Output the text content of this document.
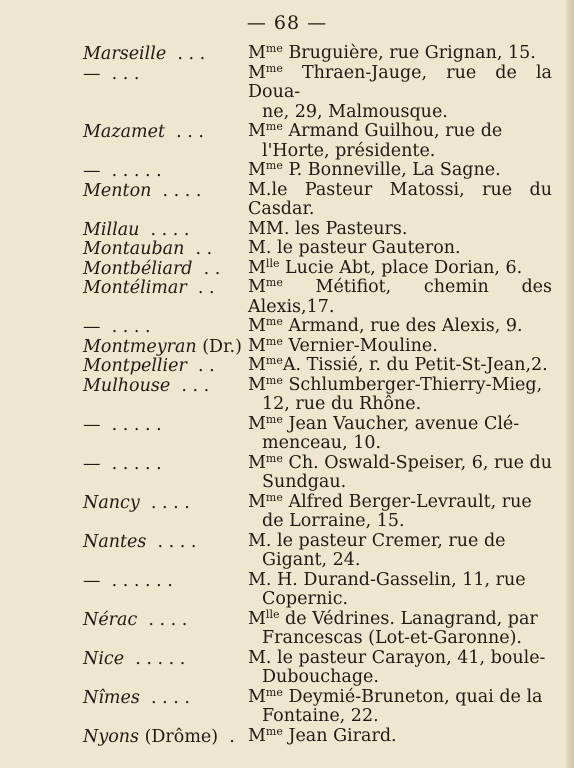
— 68 —
Marseille  . . .	$M^{me}$ Bruguière, rue Grignan, 15.
—  . . .	$M^{me}$ Thraen-Jauge, rue de la Doua-
ne, 29, Malmousque.
Mazamet  . . .	$M^{me}$ Armand Guilhou, rue de
l'Horte, présidente.
—  . . . . .	$M^{me}$ P. Bonneville, La Sagne.
Menton  . . . .	M.le Pasteur Matossi, rue du Casdar.
Millau  . . . .	MM. les Pasteurs.
Montauban  . .	M. le pasteur Gauteron.
Montbéliard  . .	$M^{lle}$ Lucie Abt, place Dorian, 6.
Montélimar  . .	$M^{me}$ Métifiot, chemin des Alexis,17.
—  . . . .	$M^{me}$ Armand, rue des Alexis, 9.
Montmeyran (Dr.) $M^{me}$ Vernier-Mouline.
Montpellier  . .	$M^{me}A$. Tissié, r. du Petit-St-Jean,2.
Mulhouse  . . .	$M^{me}$ Schlumberger-Thierry-Mieg,
12, rue du Rhône.
—  . . . . .	$M^{me}$ Jean Vaucher, avenue Clé-
menceau, 10.
—  . . . . .	$M^{me}$ Ch. Oswald-Speiser, 6, rue du
Sundgau.
Nancy  . . . .	$M^{me}$ Alfred Berger-Levrault, rue
de Lorraine, 15.
Nantes  . . . .	M. le pasteur Cremer, rue de
Gigant, 24.
—  . . . . . .	M. H. Durand-Gasselin, 11, rue
Copernic.
Nérac  . . . .	$M^{lle}$ de Védrines. Lanagrand, par
Francescas (Lot-et-Garonne).
Nice  . . . . .	M. le pasteur Carayon, 41, boule-
Dubouchage.
Nîmes  . . . .	$M^{me}$ Deymié-Bruneton, quai de la
Fontaine, 22.
Nyons (Drôme)  . $M^{me}$ Jean Girard.
